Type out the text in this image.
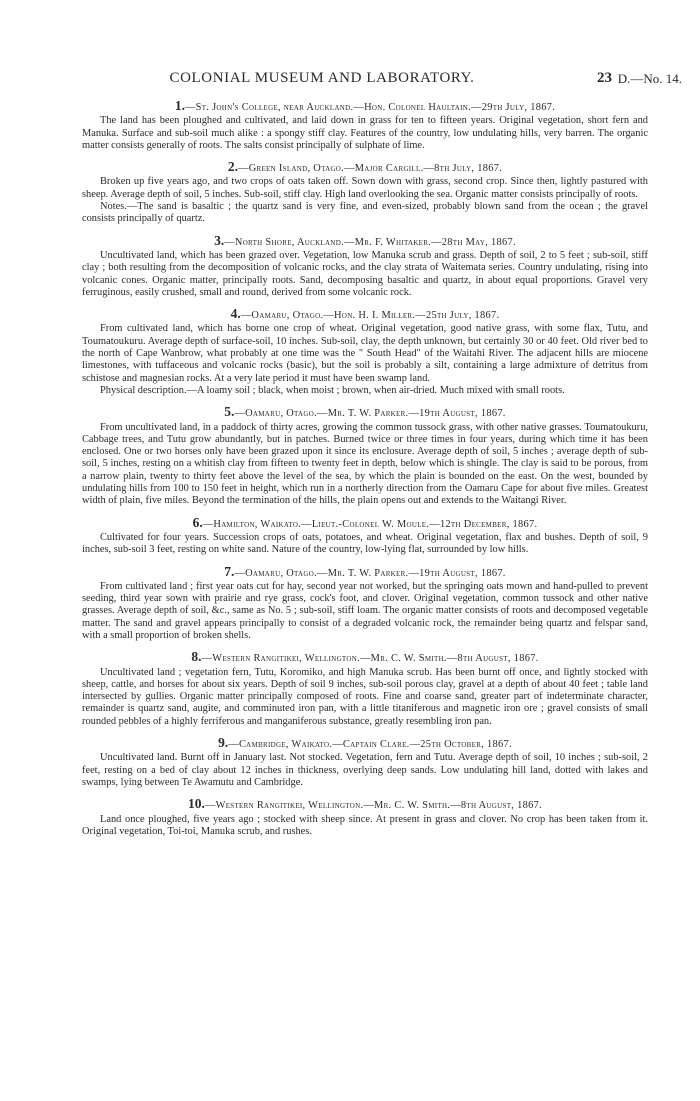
COLONIAL MUSEUM AND LABORATORY.	23 D.—No. 14.
1.—St. John's College, near Auckland.—Hon. Colonel Haultain.—29th July, 1867.

The land has been ploughed and cultivated, and laid down in grass for ten to fifteen years. Original vegetation, short fern and Manuka. Surface and sub-soil much alike : a spongy stiff clay. Features of the country, low undulating hills, very barren. The organic matter consists generally of roots. The salts consist principally of sulphate of lime.

2.—Green Island, Otago.—Major Cargill.—8th July, 1867.

Broken up five years ago, and two crops of oats taken off. Sown down with grass, second crop. Since then, lightly pastured with sheep. Average depth of soil, 5 inches. Sub-soil, stiff clay. High land overlooking the sea. Organic matter consists principally of roots.

Notes.—The sand is basaltic ; the quartz sand is very fine, and even-sized, probably blown sand from the ocean ; the gravel consists principally of quartz.

3.—North Shore, Auckland.—Mr. F. Whitaker.—28th May, 1867.

Uncultivated land, which has been grazed over. Vegetation, low Manuka scrub and grass. Depth of soil, 2 to 5 feet ; sub-soil, stiff clay ; both resulting from the decomposition of volcanic rocks, and the clay strata of Waitemata series. Country undulating, rising into volcanic cones. Organic matter, principally roots. Sand, decomposing basaltic and quartz, in about equal proportions. Gravel very ferruginous, easily crushed, small and round, derived from some volcanic rock.

4.—Oamaru, Otago.—Hon. H. I. Miller.—25th July, 1867.

From cultivated land, which has borne one crop of wheat. Original vegetation, good native grass, with some flax, Tutu, and Toumatoukuru. Average depth of surface-soil, 10 inches. Sub-soil, clay, the depth unknown, but certainly 30 or 40 feet. Old river bed to the north of Cape Wanbrow, what probably at one time was the " South Head" of the Waitahi River. The adjacent hills are miocene limestones, with tuffaceous and volcanic rocks (basic), but the soil is probably a silt, containing a large admixture of detritus from schistose and magnesian rocks. At a very late period it must have been swamp land.

Physical description.—A loamy soil ; black, when moist ; brown, when air-dried. Much mixed with small roots.

5.—Oamaru, Otago.—Mr. T. W. Parker.—19th August, 1867.

From uncultivated land, in a paddock of thirty acres, growing the common tussock grass, with other native grasses. Toumatoukuru, Cabbage trees, and Tutu grow abundantly, but in patches. Burned twice or three times in four years, during which time it has been enclosed. One or two horses only have been grazed upon it since its enclosure. Average depth of soil, 5 inches ; average depth of sub-soil, 5 inches, resting on a whitish clay from fifteen to twenty feet in depth, below which is shingle. The clay is said to be porous, from a narrow plain, twenty to thirty feet above the level of the sea, by which the plain is bounded on the east. On the west, bounded by undulating hills from 100 to 150 feet in height, which run in a northerly direction from the Oamaru Cape for about five miles. Greatest width of plain, five miles. Beyond the termination of the hills, the plain opens out and extends to the Waitangi River.

6.—Hamilton, Waikato.—Lieut.-Colonel W. Moule.—12th December, 1867.

Cultivated for four years. Succession crops of oats, potatoes, and wheat. Original vegetation, flax and bushes. Depth of soil, 9 inches, sub-soil 3 feet, resting on white sand. Nature of the country, low-lying flat, surrounded by low hills.

7.—Oamaru, Otago.—Mr. T. W. Parker.—19th August, 1867.

From cultivated land ; first year oats cut for hay, second year not worked, but the springing oats mown and hand-pulled to prevent seeding, third year sown with prairie and rye grass, cock's foot, and clover. Original vegetation, common tussock and other native grasses. Average depth of soil, &c., same as No. 5 ; sub-soil, stiff loam. The organic matter consists of roots and decomposed vegetable matter. The sand and gravel appears principally to consist of a degraded volcanic rock, the remainder being quartz and felspar sand, with a small proportion of broken shells.

8.—Western Rangitikei, Wellington.—Mr. C. W. Smith.—8th August, 1867.

Uncultivated land ; vegetation fern, Tutu, Koromiko, and high Manuka scrub. Has been burnt off once, and lightly stocked with sheep, cattle, and horses for about six years. Depth of soil 9 inches, sub-soil porous clay, gravel at a depth of about 40 feet ; table land intersected by gullies. Organic matter principally composed of roots. Fine and coarse sand, greater part of indeterminate character, remainder is quartz sand, augite, and comminuted iron pan, with a little titaniferous and magnetic iron ore ; gravel consists of small rounded pebbles of a highly ferriferous and manganiferous substance, greatly resembling iron pan.

9.—Cambridge, Waikato.—Captain Clare.—25th October, 1867.

Uncultivated land. Burnt off in January last. Not stocked. Vegetation, fern and Tutu. Average depth of soil, 10 inches ; sub-soil, 2 feet, resting on a bed of clay about 12 inches in thickness, overlying deep sands. Low undulating hill land, dotted with lakes and swamps, lying between Te Awamutu and Cambridge.

10.—Western Rangitikei, Wellington.—Mr. C. W. Smith.—8th August, 1867.

Land once ploughed, five years ago ; stocked with sheep since. At present in grass and clover. No crop has been taken from it. Original vegetation, Toi-toi, Manuka scrub, and rushes.
